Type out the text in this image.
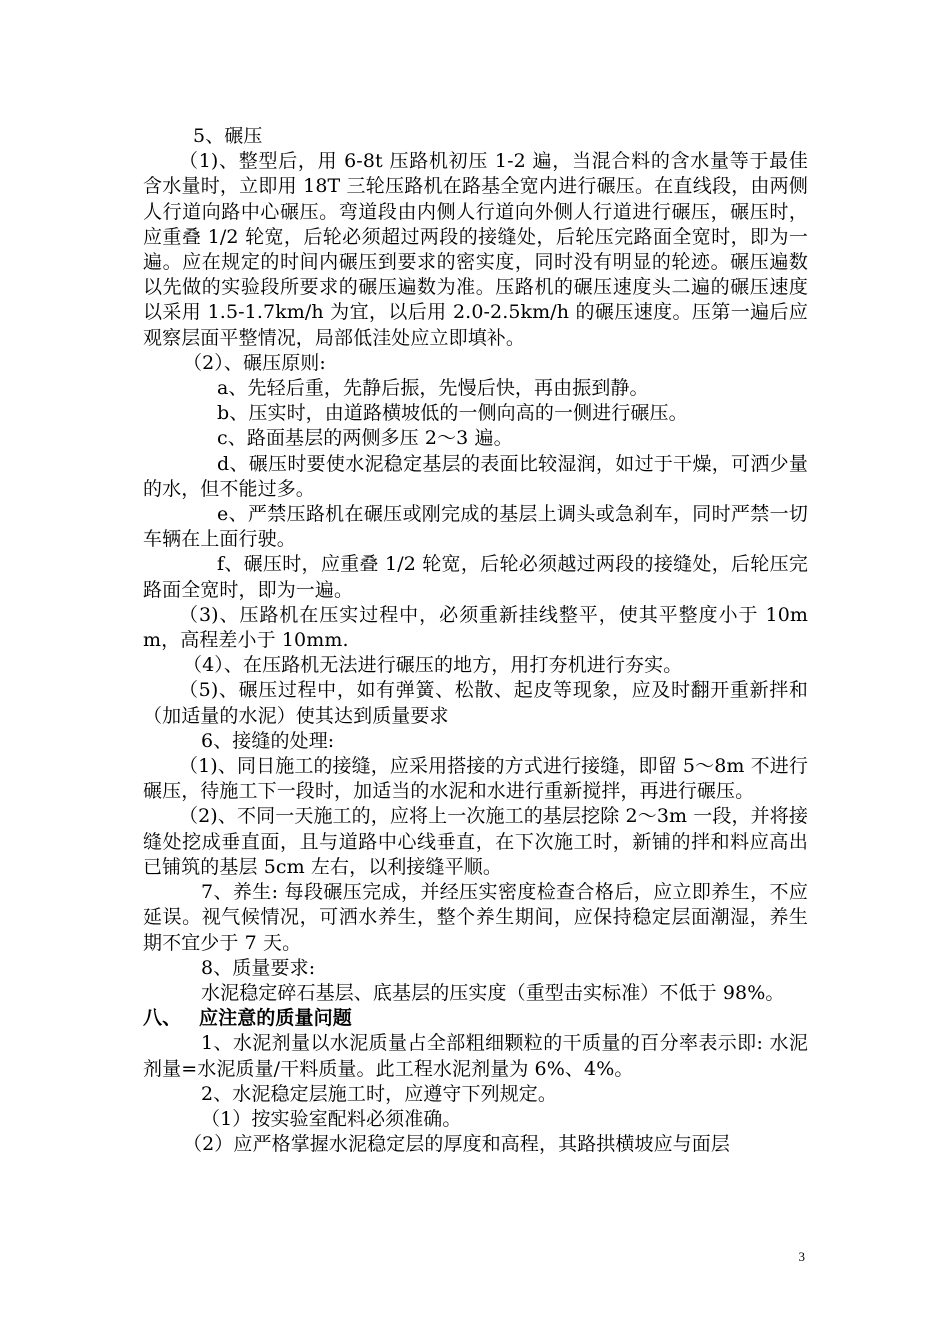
5、碾压

（1)、整型后，用 6-8t 压路机初压 1-2 遍，当混合料的含水量等于最佳含水量时，立即用 18T 三轮压路机在路基全宽内进行碾压。在直线段，由两侧人行道向路中心碾压。弯道段由内侧人行道向外侧人行道进行碾压，碾压时，应重叠 1/2 轮宽，后轮必须超过两段的接缝处，后轮压完路面全宽时，即为一遍。应在规定的时间内碾压到要求的密实度，同时没有明显的轮迹。碾压遍数以先做的实验段所要求的碾压遍数为准。压路机的碾压速度头二遍的碾压速度以采用 1.5-1.7km/h 为宜，以后用 2.0-2.5km/h 的碾压速度。压第一遍后应观察层面平整情况，局部低洼处应立即填补。

（2）、碾压原则:

a、先轻后重，先静后振，先慢后快，再由振到静。

b、压实时，由道路横坡低的一侧向高的一侧进行碾压。

c、路面基层的两侧多压 2～3 遍。

d、碾压时要使水泥稳定基层的表面比较湿润，如过于干燥，可洒少量的水，但不能过多。

e、严禁压路机在碾压或刚完成的基层上调头或急刹车，同时严禁一切车辆在上面行驶。

f、碾压时，应重叠 1/2 轮宽，后轮必须越过两段的接缝处，后轮压完路面全宽时，即为一遍。

（3)、压路机在压实过程中，必须重新挂线整平，使其平整度小于 10mm，高程差小于 10mm.

（4）、在压路机无法进行碾压的地方，用打夯机进行夯实。

（5)、碾压过程中，如有弹簧、松散、起皮等现象，应及时翻开重新拌和（加适量的水泥）使其达到质量要求

6、接缝的处理:

（1)、同日施工的接缝，应采用搭接的方式进行接缝，即留 5～8m 不进行碾压，待施工下一段时，加适当的水泥和水进行重新搅拌，再进行碾压。

（2)、不同一天施工的，应将上一次施工的基层挖除 2～3m 一段，并将接缝处挖成垂直面，且与道路中心线垂直，在下次施工时，新铺的拌和料应高出已铺筑的基层 5cm 左右，以利接缝平顺。

7、养生: 每段碾压完成，并经压实密度检查合格后，应立即养生，不应延误。视气候情况，可洒水养生，整个养生期间，应保持稳定层面潮湿，养生期不宜少于 7 天。

8、质量要求:

水泥稳定碎石基层、底基层的压实度（重型击实标准）不低于 98%。

八、 应注意的质量问题

1、水泥剂量以水泥质量占全部粗细颗粒的干质量的百分率表示即: 水泥剂量=水泥质量/干料质量。此工程水泥剂量为 6%、4%。

2、水泥稳定层施工时，应遵守下列规定。

（1）按实验室配料必须准确。

（2）应严格掌握水泥稳定层的厚度和高程，其路拱横坡应与面层

3
